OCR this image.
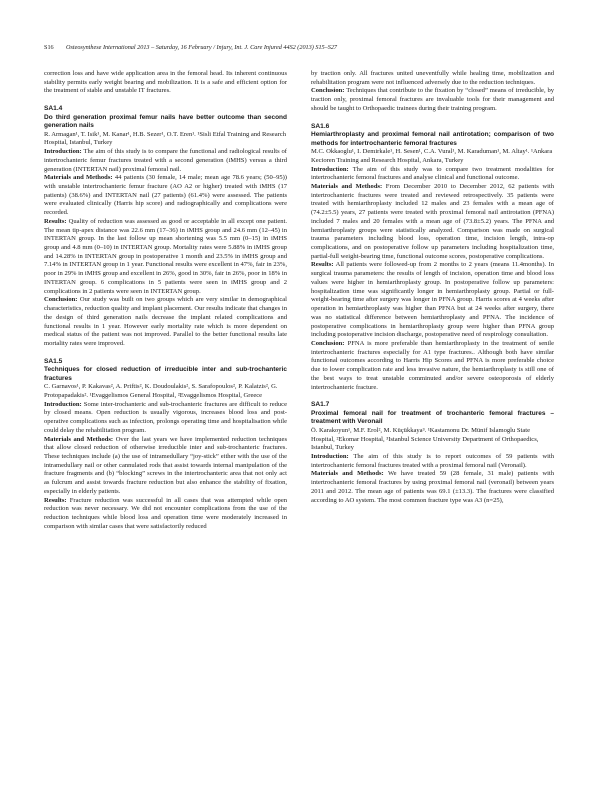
S16 Osteosynthese International 2013 – Saturday, 16 February / Injury, Int. J. Care Injured 44S2 (2013) S15–S27

correction loss and have wide application area in the femoral head. Its inherent continuous stability permits early weight bearing and mobilization. It is a safe and efficient option for the treatment of stable and unstable IT fractures.

SA1.4
Do third generation proximal femur nails have better outcome than second generation nails

R. Armagan¹, T. Isik¹, M. Kanar¹, H.B. Sezer¹, O.T. Eren¹. ¹Sisli Etfal Training and Research Hospital, Istanbul, Turkey

Introduction: The aim of this study is to compare the functional and radiological results of intertrochanteric femur fractures treated with a second generation (iMHS) versus a third generation (INTERTAN nail) proximal femoral nail.

Materials and Methods: 44 patients (30 female, 14 male; mean age 78.6 years; (50–95)) with unstable intertrochanteric femur fracture (AO A2 or higher) treated with iMHS (17 patients) (38.6%) and INTERTAN nail (27 patients) (61.4%) were assessed. The patients were evaluated clinically (Harris hip score) and radiographically and complications were recorded.

Results: Quality of reduction was assessed as good or acceptable in all except one patient. The mean tip-apex distance was 22.6 mm (17–36) in iMHS group and 24.6 mm (12–45) in INTERTAN group. In the last follow up mean shortening was 5.5 mm (0–15) in iMHS group and 4.8 mm (0–10) in INTERTAN group. Mortality rates were 5.88% in iMHS group and 14.28% in INTERTAN group in postoperative 1 month and 23.5% in iMHS group and 7.14% in INTERTAN group in 1 year. Functional results were excellent in 47%, fair in 23%, poor in 29% in iMHS group and excellent in 26%, good in 30%, fair in 26%, poor in 18% in INTERTAN group. 6 complications in 5 patients were seen in iMHS group and 2 complications in 2 patients were seen in INTERTAN group.

Conclusion: Our study was built on two groups which are very similar in demographical characteristics, reduction quality and implant placement. Our results indicate that changes in the design of third generation nails decrease the implant related complications and functional results in 1 year. However early mortality rate which is more dependent on medical status of the patient was not improved. Parallel to the better functional results late mortality rates were improved.

SA1.5
Techniques for closed reduction of irreducible inter and sub-trochanteric fractures

C. Garnavos¹, P. Kakavas², A. Priftis², K. Doudoulakis², S. Sarafopoulos², P. Kalatzis², G. Protopapadakis². ¹Evaggelismos General Hospital, ²Evaggelismos Hospital, Greece

Introduction: Some inter-trochanteric and sub-trochanteric fractures are difficult to reduce by closed means. Open reduction is usually vigorous, increases blood loss and post-operative complications such as infection, prolongs operating time and hospitalisation while could delay the rehabilitation program.

Materials and Methods: Over the last years we have implemented reduction techniques that allow closed reduction of otherwise irreducible inter and sub-trochanteric fractures. These techniques include (a) the use of intramedullary “joy-stick” either with the use of the intramedullary nail or other cannulated rods that assist towards internal manipulation of the fracture fragments and (b) “blocking” screws in the intertrochanteric area that not only act as fulcrum and assist towards fracture reduction but also enhance the stability of fixation, especially in elderly patients.

Results: Fracture reduction was successful in all cases that was attempted while open reduction was never necessary. We did not encounter complications from the use of the reduction techniques while blood loss and operation time were moderately increased in comparison with similar cases that were satisfactorily reduced

by traction only. All fractures united uneventfully while healing time, mobilization and rehabilitation program were not influenced adversely due to the reduction techniques.

Conclusion: Techniques that contribute to the fixation by “closed” means of irreducible, by traction only, proximal femoral fractures are invaluable tools for their management and should be taught to Orthopaedic trainees during their training program.

SA1.6
Hemiarthroplasty and proximal femoral nail antirotation; comparison of two methods for intertrochanteric femoral fractures

M.C. Okkaoglu¹, I. Demirkale¹, H. Sesen¹, C.A. Vural¹, M. Karaduman¹, M. Altay¹. ¹Ankara Kecioren Training and Research Hospital, Ankara, Turkey

Introduction: The aim of this study was to compare two treatment modalities for intertrochanteric femoral fractures and analyse clinical and functional outcome.

Materials and Methods: From December 2010 to December 2012, 62 patients with intertrochanteric fractures were treated and reviewed retrospectively. 35 patients were treated with hemiarthroplasty included 12 males and 23 females with a mean age of (74.2±5.5) years, 27 patients were treated with proximal femoral nail antirotation (PFNA) included 7 males and 20 females with a mean age of (73.8±5.2) years. The PFNA and hemiarthroplasty groups were statistically analyzed. Comparison was made on surgical trauma parameters including blood loss, operation time, incision length, intra-op complications, and on postoperative follow up parameters including hospitalization time, partial-full weight-bearing time, functional outcome scores, postoperative complications.

Results: All patients were followed-up from 2 months to 2 years (means 11.4months). In surgical trauma parameters: the results of length of incision, operation time and blood loss values were higher in hemiarthroplasty group. In postoperative follow up parameters: hospitalization time was significantly longer in hemiarthroplasty group. Partial or full-weight-bearing time after surgery was longer in PFNA group. Harris scores at 4 weeks after operation in hemiarthroplasty was higher than PFNA but at 24 weeks after surgery, there was no statistical difference between hemiarthroplasty and PFNA. The incidence of postoperative complications in hemiarthroplasty group were higher than PFNA group including postoperative incision discharge, postoperative need of respirology consultation.

Conclusion: PFNA is more preferable than hemiarthroplasty in the treatment of senile intertrochanteric fractures especially for A1 type fractures.. Although both have similar functional outcomes according to Harris Hip Scores and PFNA is more preferable choice due to lower complication rate and less invasive nature, the hemiarthroplasty is still one of the best ways to treat unstable comminuted and/or severe osteoporosis of elderly intertrochanteric fracture.

SA1.7
Proximal femoral nail for treatment of trochanteric femoral fractures – treatment with Veronail

Ö. Karakoyun¹, M.F. Erol², M. Küçükkaya³. ¹Kastamonu Dr. Münif Islamoglu State Hospital, ²Ekomar Hospital, ³Istanbul Science University Department of Orthopaedics, Istanbul, Turkey

Introduction: The aim of this study is to report outcomes of 59 patients with intertrochanteric femoral fractures treated with a proximal femoral nail (Veronail).

Materials and Methods: We have treated 59 (28 female, 31 male) patients with intertrochanteric femoral fractures by using proximal femoral nail (veronail) between years 2011 and 2012. The mean age of patients was 69.1 (±13.3). The fractures were classified according to AO system. The most common fracture type was A3 (n=25),
